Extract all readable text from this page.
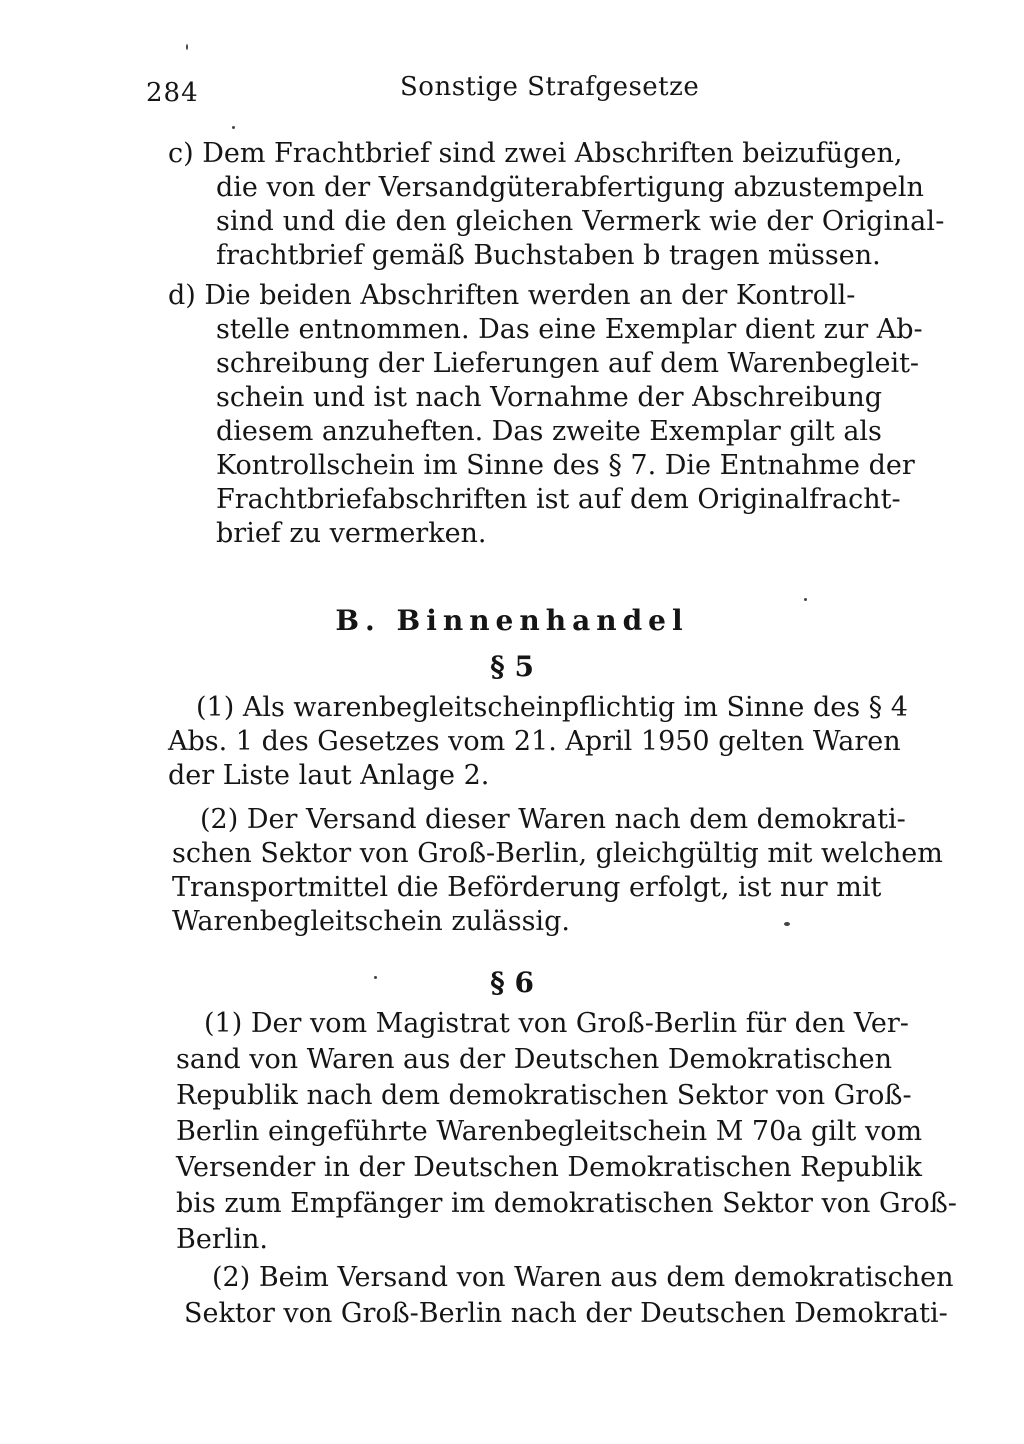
284	Sonstige Strafgesetze
c) Dem Frachtbrief sind zwei Abschriften beizufügen,
die von der Versandgüterabfertigung abzustempeln
sind und die den gleichen Vermerk wie der Original-
frachtbrief gemäß Buchstaben b tragen müssen.
d) Die beiden Abschriften werden an der Kontroll-
stelle entnommen. Das eine Exemplar dient zur Ab-
schreibung der Lieferungen auf dem Warenbegleit-
schein und ist nach Vornahme der Abschreibung
diesem anzuheften. Das zweite Exemplar gilt als
Kontrollschein im Sinne des § 7. Die Entnahme der
Frachtbriefabschriften ist auf dem Originalfracht-
brief zu vermerken.
B. Binnenhandel
§ 5
(1) Als warenbegleitscheinpflichtig im Sinne des § 4
Abs. 1 des Gesetzes vom 21. April 1950 gelten Waren
der Liste laut Anlage 2.
(2) Der Versand dieser Waren nach dem demokrati-
schen Sektor von Groß-Berlin, gleichgültig mit welchem
Transportmittel die Beförderung erfolgt, ist nur mit
Warenbegleitschein zulässig.
§ 6
(1) Der vom Magistrat von Groß-Berlin für den Ver-
sand von Waren aus der Deutschen Demokratischen
Republik nach dem demokratischen Sektor von Groß-
Berlin eingeführte Warenbegleitschein M 70a gilt vom
Versender in der Deutschen Demokratischen Republik
bis zum Empfänger im demokratischen Sektor von Groß-
Berlin.
(2) Beim Versand von Waren aus dem demokratischen
Sektor von Groß-Berlin nach der Deutschen Demokrati-
